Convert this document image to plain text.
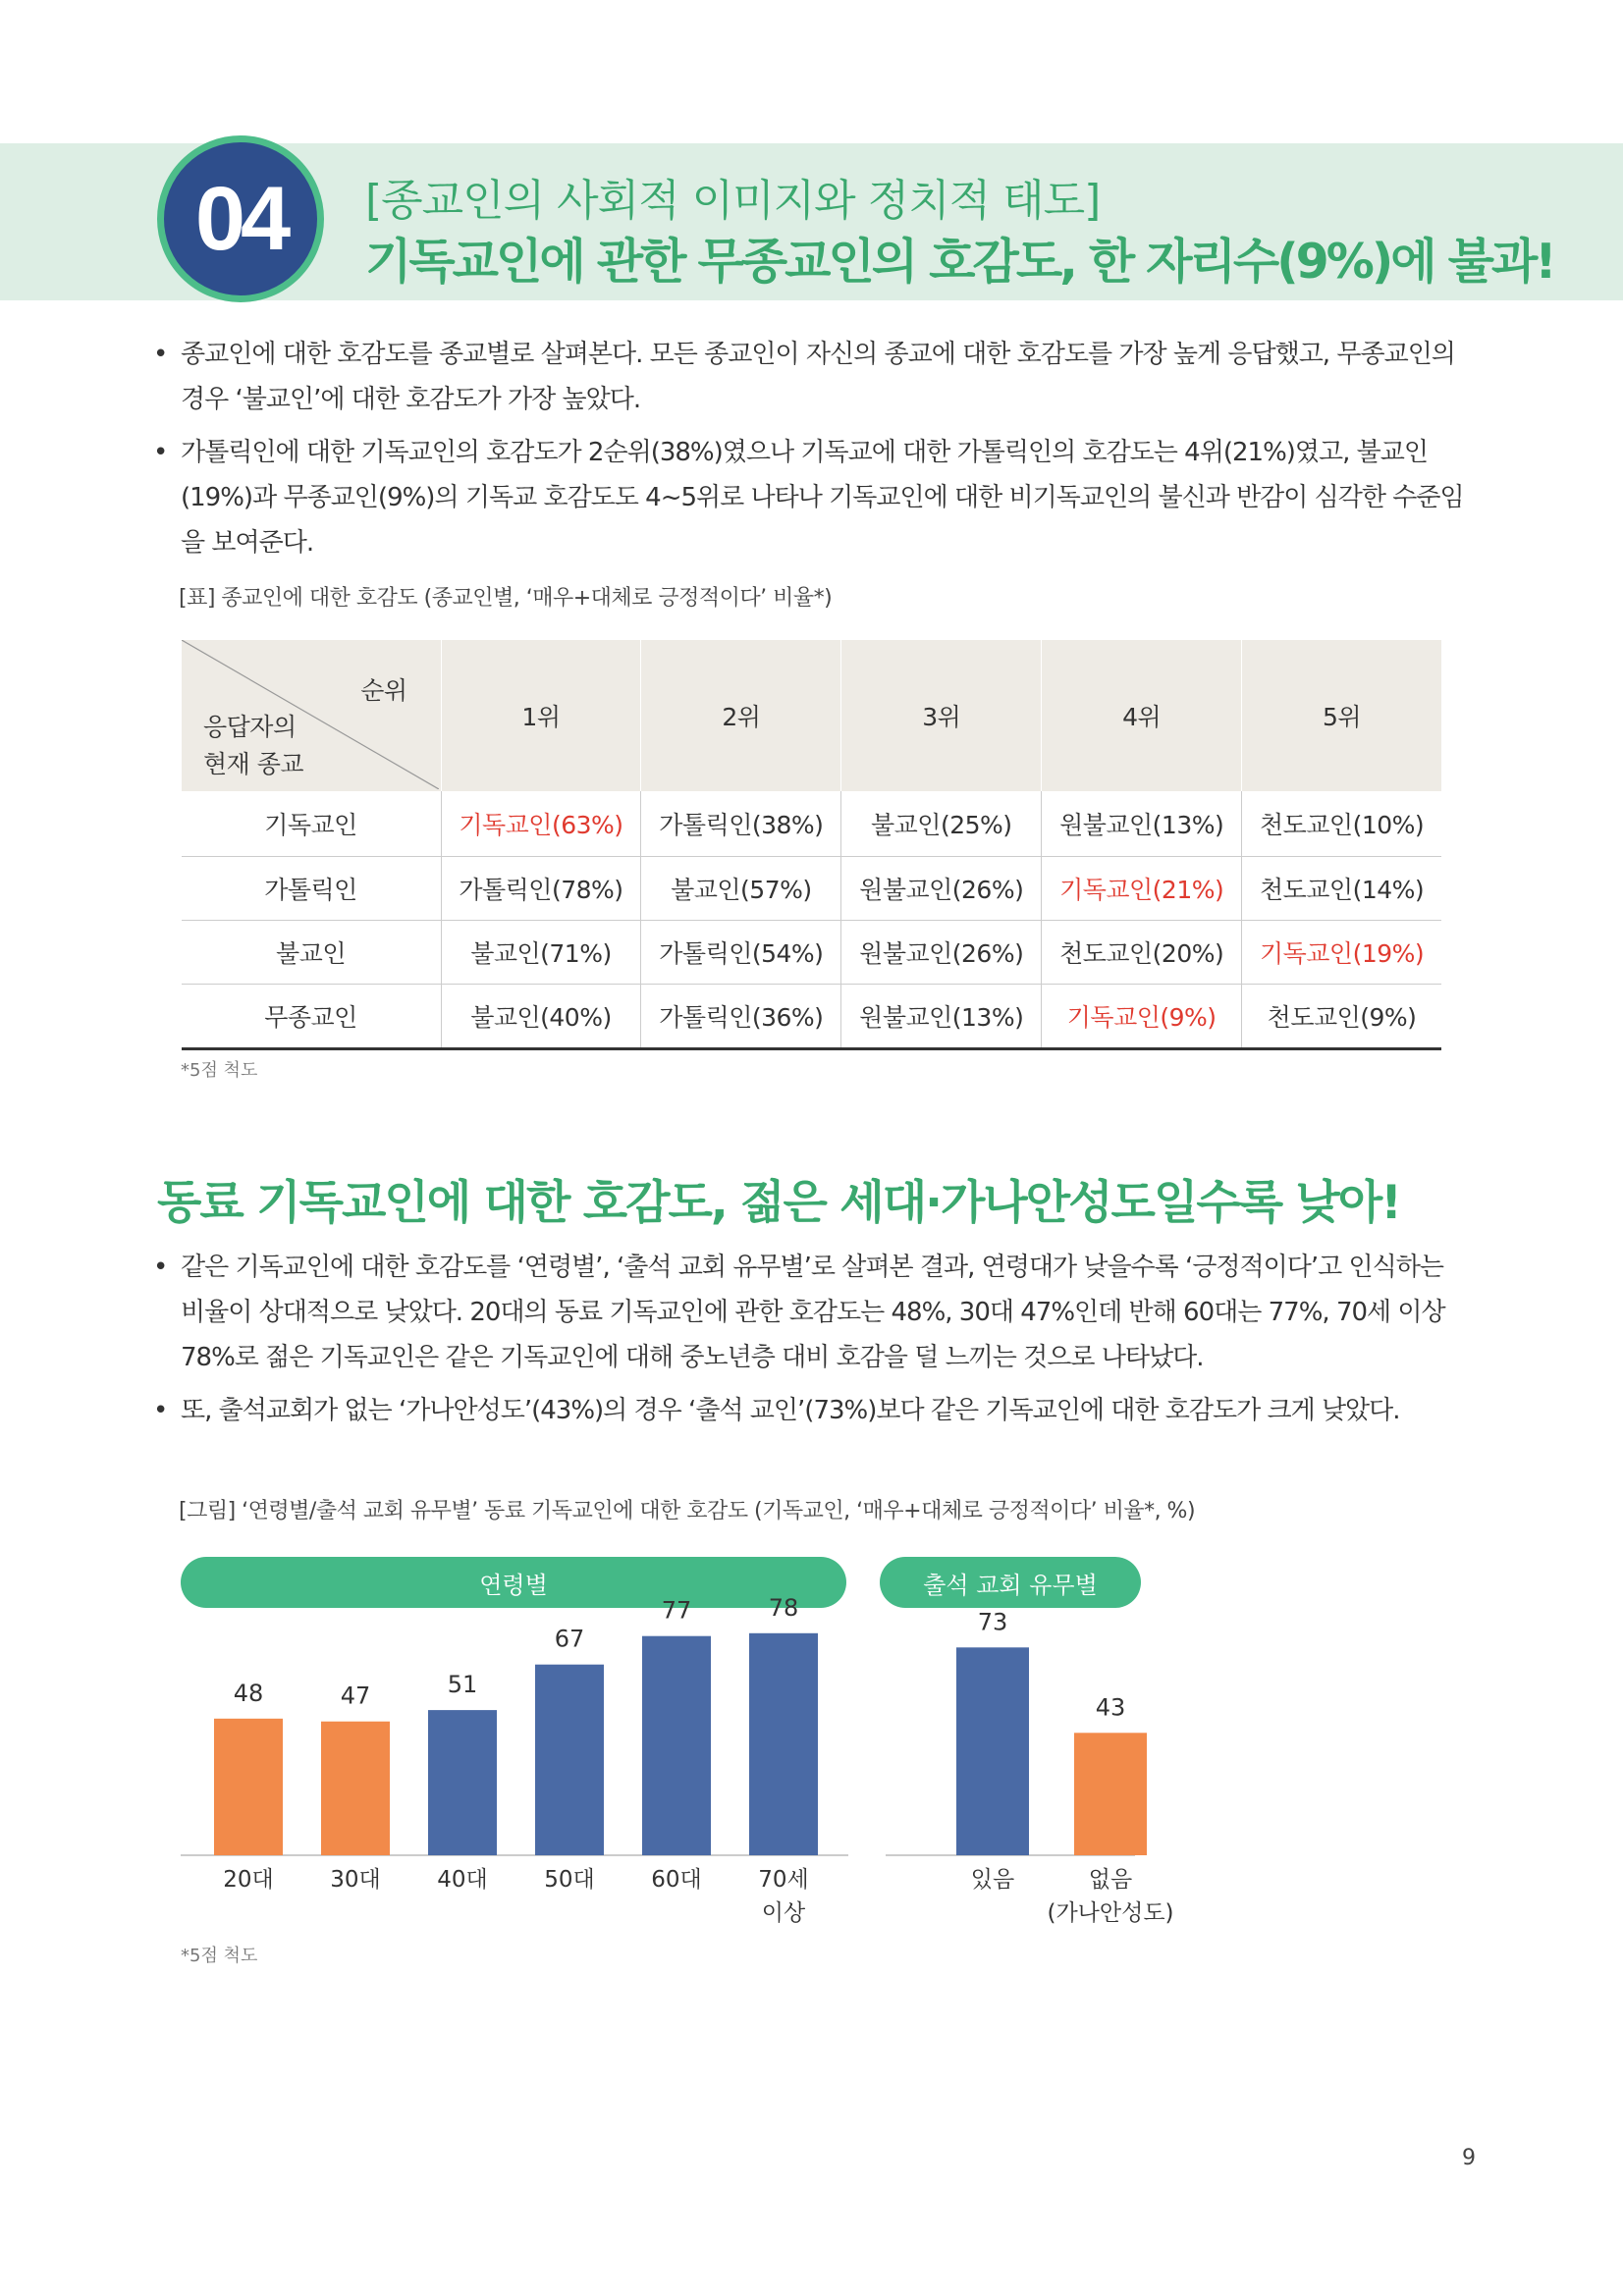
04	[종교인의 사회적 이미지와 정치적 태도]
기독교인에 관한 무종교인의 호감도, 한 자리수(9%)에 불과!
• 종교인에 대한 호감도를 종교별로 살펴본다. 모든 종교인이 자신의 종교에 대한 호감도를 가장 높게 응답했고, 무종교인의 경우 ‘불교인’에 대한 호감도가 가장 높았다.
• 가톨릭인에 대한 기독교인의 호감도가 2순위(38%)였으나 기독교에 대한 가톨릭인의 호감도는 4위(21%)였고, 불교인(19%)과 무종교인(9%)의 기독교 호감도도 4~5위로 나타나 기독교인에 대한 비기독교인의 불신과 반감이 심각한 수준임을 보여준다.
[표] 종교인에 대한 호감도 (종교인별, ‘매우+대체로 긍정적이다’ 비율*)
순위
응답자의
현재 종교	1위	2위	3위	4위	5위
기독교인	기독교인(63%)	가톨릭인(38%)	불교인(25%)	원불교인(13%)	천도교인(10%)
가톨릭인	가톨릭인(78%)	불교인(57%)	원불교인(26%)	기독교인(21%)	천도교인(14%)
불교인	불교인(71%)	가톨릭인(54%)	원불교인(26%)	천도교인(20%)	기독교인(19%)
무종교인	불교인(40%)	가톨릭인(36%)	원불교인(13%)	기독교인(9%)	천도교인(9%)
*5점 척도
동료 기독교인에 대한 호감도, 젊은 세대·가나안성도일수록 낮아!
• 같은 기독교인에 대한 호감도를 ‘연령별’, ‘출석 교회 유무별’로 살펴본 결과, 연령대가 낮을수록 ‘긍정적이다’고 인식하는 비율이 상대적으로 낮았다. 20대의 동료 기독교인에 관한 호감도는 48%, 30대 47%인데 반해 60대는 77%, 70세 이상 78%로 젊은 기독교인은 같은 기독교인에 대해 중노년층 대비 호감을 덜 느끼는 것으로 나타났다.
• 또, 출석교회가 없는 ‘가나안성도’(43%)의 경우 ‘출석 교인’(73%)보다 같은 기독교인에 대한 호감도가 크게 낮았다.
[그림] ‘연령별/출석 교회 유무별’ 동료 기독교인에 대한 호감도 (기독교인, ‘매우+대체로 긍정적이다’ 비율*, %)
연령별	출석 교회 유무별
48
20대
47
30대
51
40대
67
50대
77
60대
78
70세
이상
73
있음
43
없음
(가나안성도)
*5점 척도
9
